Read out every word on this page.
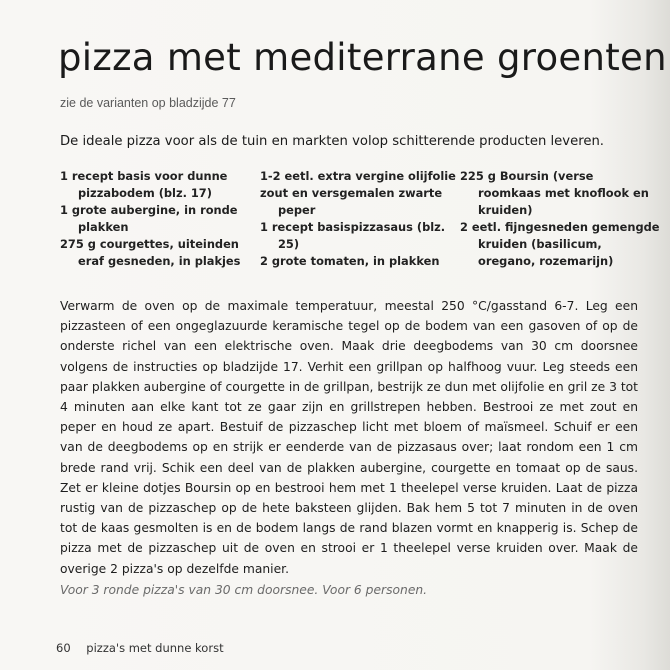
pizza met mediterrane groenten
zie de varianten op bladzijde 77
De ideale pizza voor als de tuin en markten volop schitterende producten leveren.
1 recept basis voor dunne pizzabodem (blz. 17)
1 grote aubergine, in ronde plakken
275 g courgettes, uiteinden eraf gesneden, in plakjes
1-2 eetl. extra vergine olijfolie
zout en versgemalen zwarte peper
1 recept basispizzasaus (blz. 25)
2 grote tomaten, in plakken
225 g Boursin (verse roomkaas met knoflook en kruiden)
2 eetl. fijngesneden gemengde kruiden (basilicum, oregano, rozemarijn)

Verwarm de oven op de maximale temperatuur, meestal 250 °C/gasstand 6-7. Leg een pizzasteen of een ongeglazuurde keramische tegel op de bodem van een gasoven of op de onderste richel van een elektrische oven. Maak drie deegbodems van 30 cm doorsnee volgens de instructies op bladzijde 17. Verhit een grillpan op halfhoog vuur. Leg steeds een paar plakken aubergine of courgette in de grillpan, bestrijk ze dun met olijfolie en gril ze 3 tot 4 minuten aan elke kant tot ze gaar zijn en grillstrepen hebben. Bestrooi ze met zout en peper en houd ze apart. Bestuif de pizzaschep licht met bloem of maïsmeel. Schuif er een van de deegbodems op en strijk er eenderde van de pizzasaus over; laat rondom een 1 cm brede rand vrij. Schik een deel van de plakken aubergine, courgette en tomaat op de saus. Zet er kleine dotjes Boursin op en bestrooi hem met 1 theelepel verse kruiden. Laat de pizza rustig van de pizzaschep op de hete baksteen glijden. Bak hem 5 tot 7 minuten in de oven tot de kaas gesmolten is en de bodem langs de rand blazen vormt en knapperig is. Schep de pizza met de pizzaschep uit de oven en strooi er 1 theelepel verse kruiden over. Maak de overige 2 pizza's op dezelfde manier.

Voor 3 ronde pizza's van 30 cm doorsnee. Voor 6 personen.
60 pizza's met dunne korst
